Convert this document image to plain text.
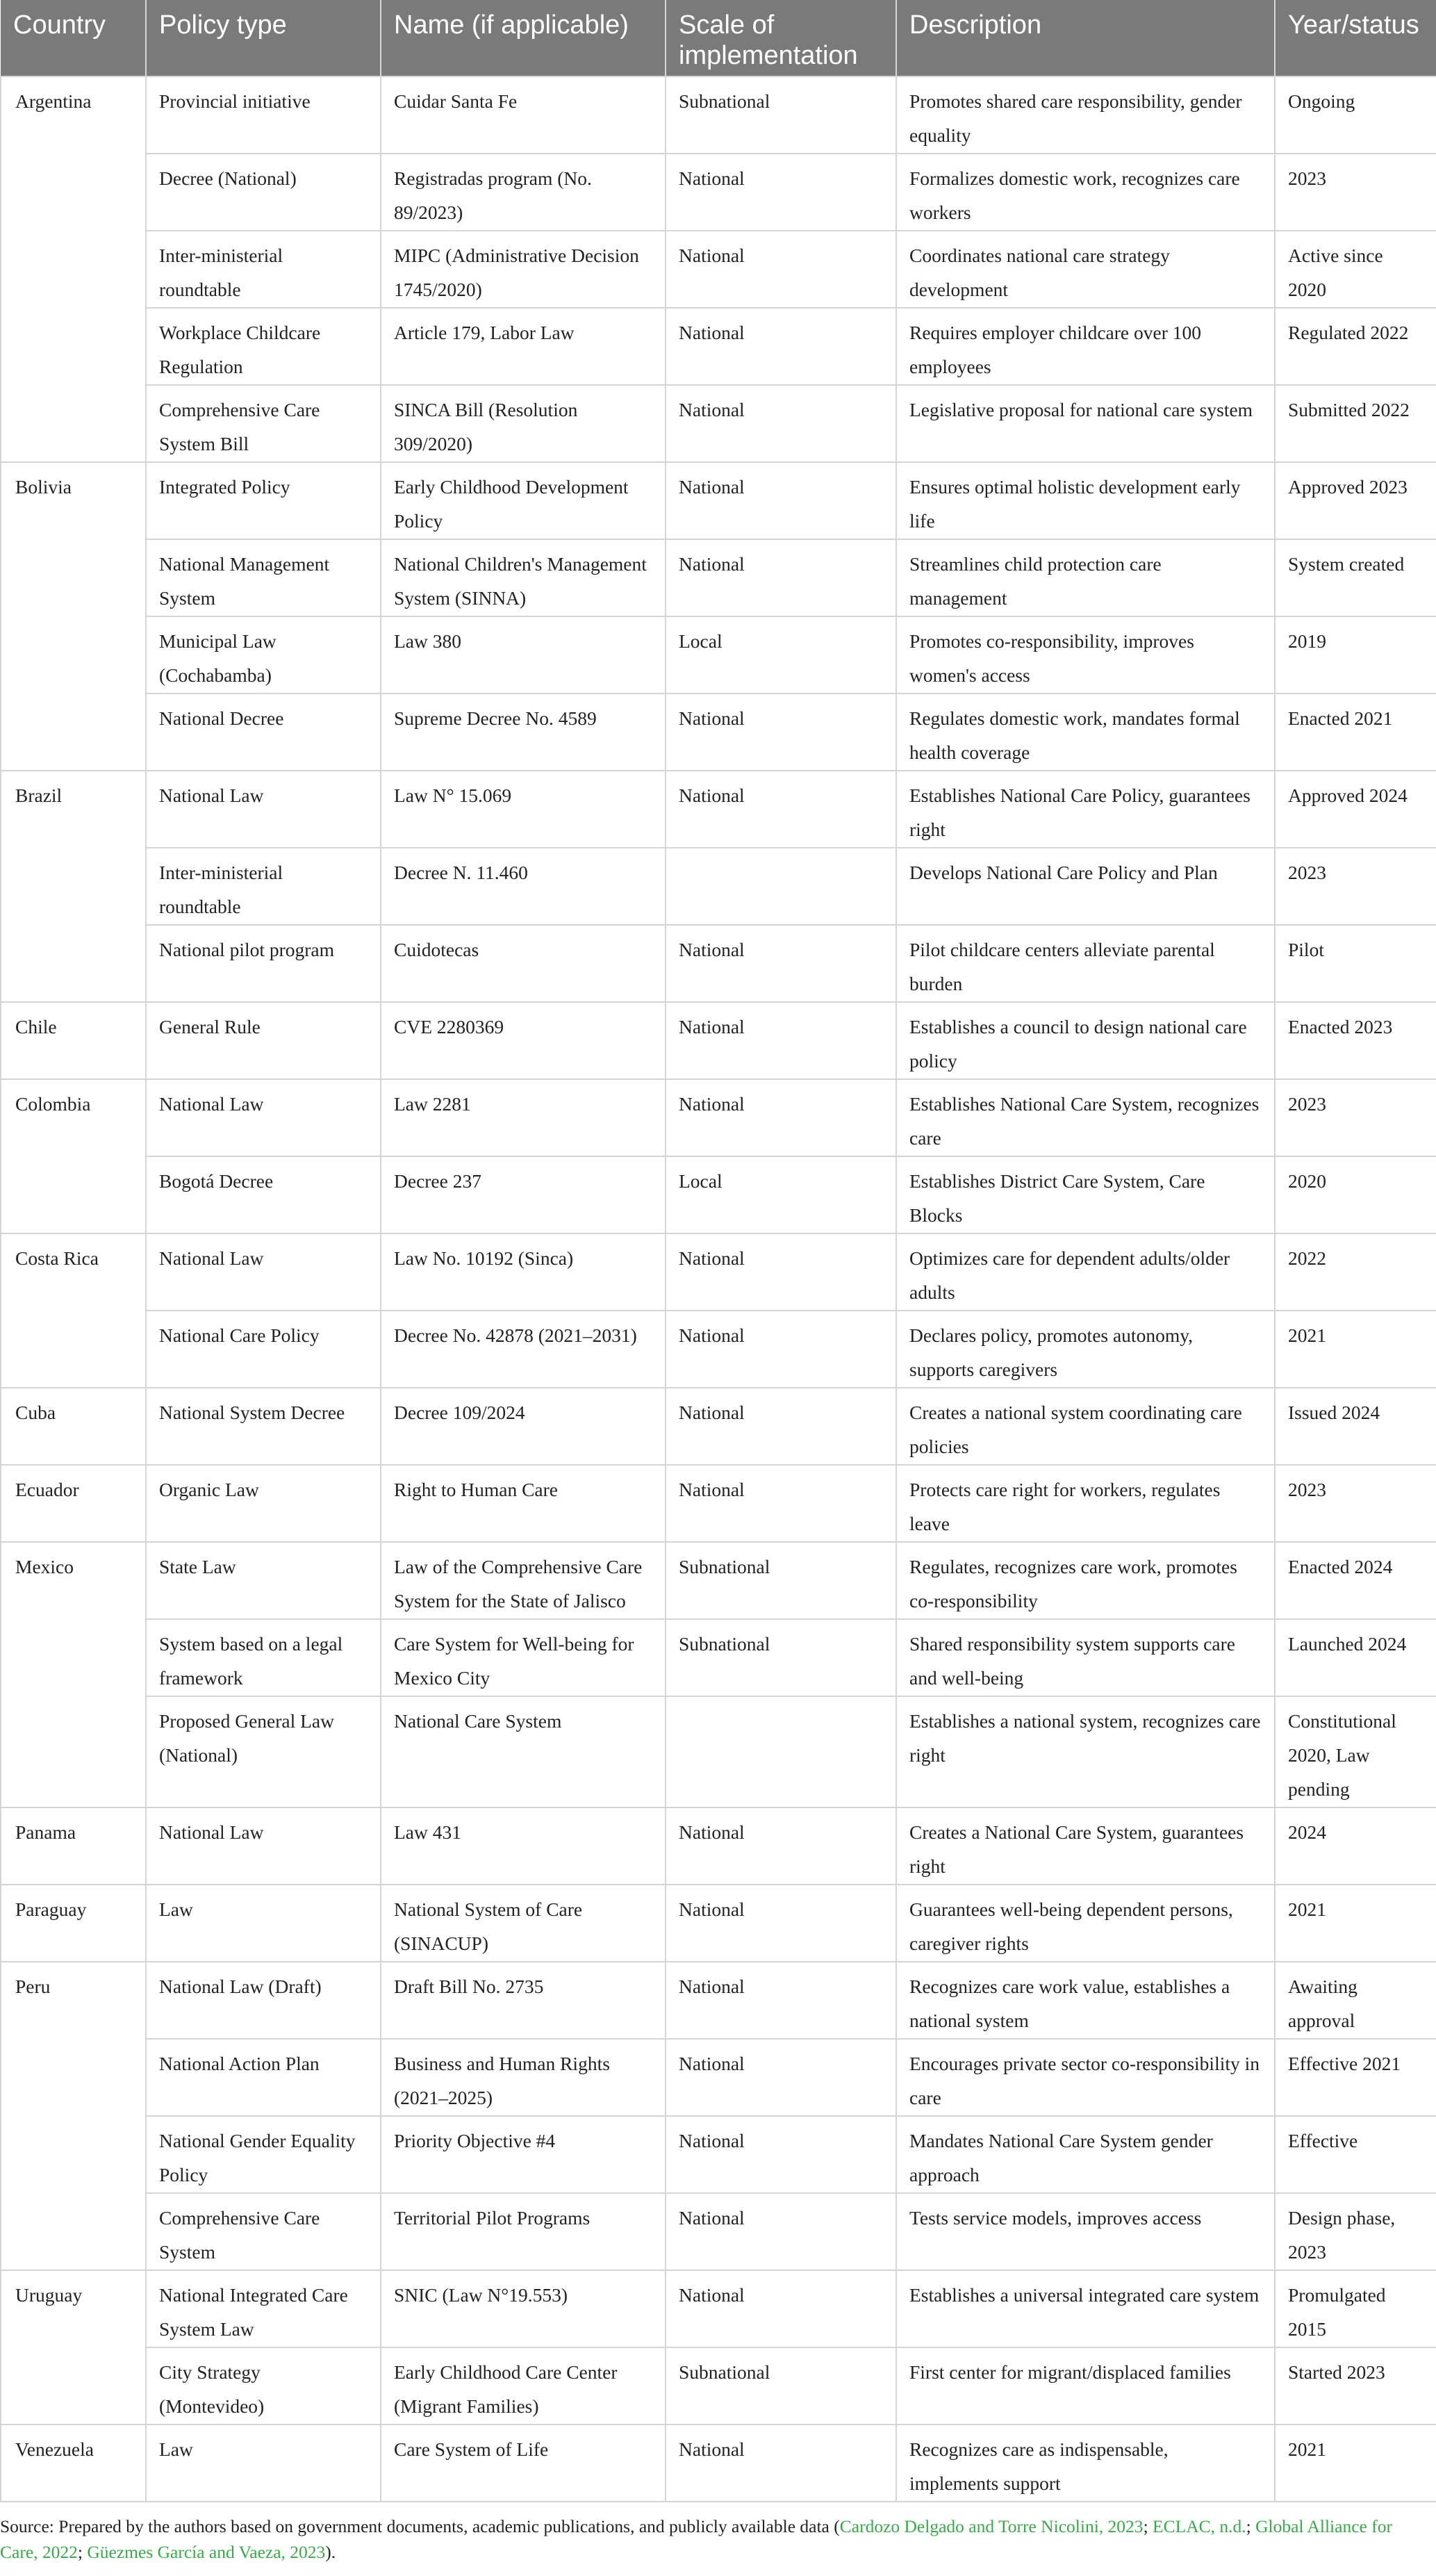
Country	Policy type	Name (if applicable)	Scale of implementation	Description	Year/status
Argentina	Provincial initiative	Cuidar Santa Fe	Subnational	Promotes shared care responsibility, gender equality	Ongoing
	Decree (National)	Registradas program (No. 89/2023)	National	Formalizes domestic work, recognizes care workers	2023
	Inter-ministerial roundtable	MIPC (Administrative Decision 1745/2020)	National	Coordinates national care strategy development	Active since 2020
	Workplace Childcare Regulation	Article 179, Labor Law	National	Requires employer childcare over 100 employees	Regulated 2022
	Comprehensive Care System Bill	SINCA Bill (Resolution 309/2020)	National	Legislative proposal for national care system	Submitted 2022
Bolivia	Integrated Policy	Early Childhood Development Policy	National	Ensures optimal holistic development early life	Approved 2023
	National Management System	National Children's Management System (SINNA)	National	Streamlines child protection care management	System created
	Municipal Law (Cochabamba)	Law 380	Local	Promotes co-responsibility, improves women's access	2019
	National Decree	Supreme Decree No. 4589	National	Regulates domestic work, mandates formal health coverage	Enacted 2021
Brazil	National Law	Law N° 15.069	National	Establishes National Care Policy, guarantees right	Approved 2024
	Inter-ministerial roundtable	Decree N. 11.460		Develops National Care Policy and Plan	2023
	National pilot program	Cuidotecas	National	Pilot childcare centers alleviate parental burden	Pilot
Chile	General Rule	CVE 2280369	National	Establishes a council to design national care policy	Enacted 2023
Colombia	National Law	Law 2281	National	Establishes National Care System, recognizes care	2023
	Bogotá Decree	Decree 237	Local	Establishes District Care System, Care Blocks	2020
Costa Rica	National Law	Law No. 10192 (Sinca)	National	Optimizes care for dependent adults/older adults	2022
	National Care Policy	Decree No. 42878 (2021–2031)	National	Declares policy, promotes autonomy, supports caregivers	2021
Cuba	National System Decree	Decree 109/2024	National	Creates a national system coordinating care policies	Issued 2024
Ecuador	Organic Law	Right to Human Care	National	Protects care right for workers, regulates leave	2023
Mexico	State Law	Law of the Comprehensive Care System for the State of Jalisco	Subnational	Regulates, recognizes care work, promotes co-responsibility	Enacted 2024
	System based on a legal framework	Care System for Well-being for Mexico City	Subnational	Shared responsibility system supports care and well-being	Launched 2024
	Proposed General Law (National)	National Care System		Establishes a national system, recognizes care right	Constitutional 2020, Law pending
Panama	National Law	Law 431	National	Creates a National Care System, guarantees right	2024
Paraguay	Law	National System of Care (SINACUP)	National	Guarantees well-being dependent persons, caregiver rights	2021
Peru	National Law (Draft)	Draft Bill No. 2735	National	Recognizes care work value, establishes a national system	Awaiting approval
	National Action Plan	Business and Human Rights (2021–2025)	National	Encourages private sector co-responsibility in care	Effective 2021
	National Gender Equality Policy	Priority Objective #4	National	Mandates National Care System gender approach	Effective
	Comprehensive Care System	Territorial Pilot Programs	National	Tests service models, improves access	Design phase, 2023
Uruguay	National Integrated Care System Law	SNIC (Law N°19.553)	National	Establishes a universal integrated care system	Promulgated 2015
	City Strategy (Montevideo)	Early Childhood Care Center (Migrant Families)	Subnational	First center for migrant/displaced families	Started 2023
Venezuela	Law	Care System of Life	National	Recognizes care as indispensable, implements support	2021
Source: Prepared by the authors based on government documents, academic publications, and publicly available data (Cardozo Delgado and Torre Nicolini, 2023; ECLAC, n.d.; Global Alliance for Care, 2022; Güezmes García and Vaeza, 2023).
